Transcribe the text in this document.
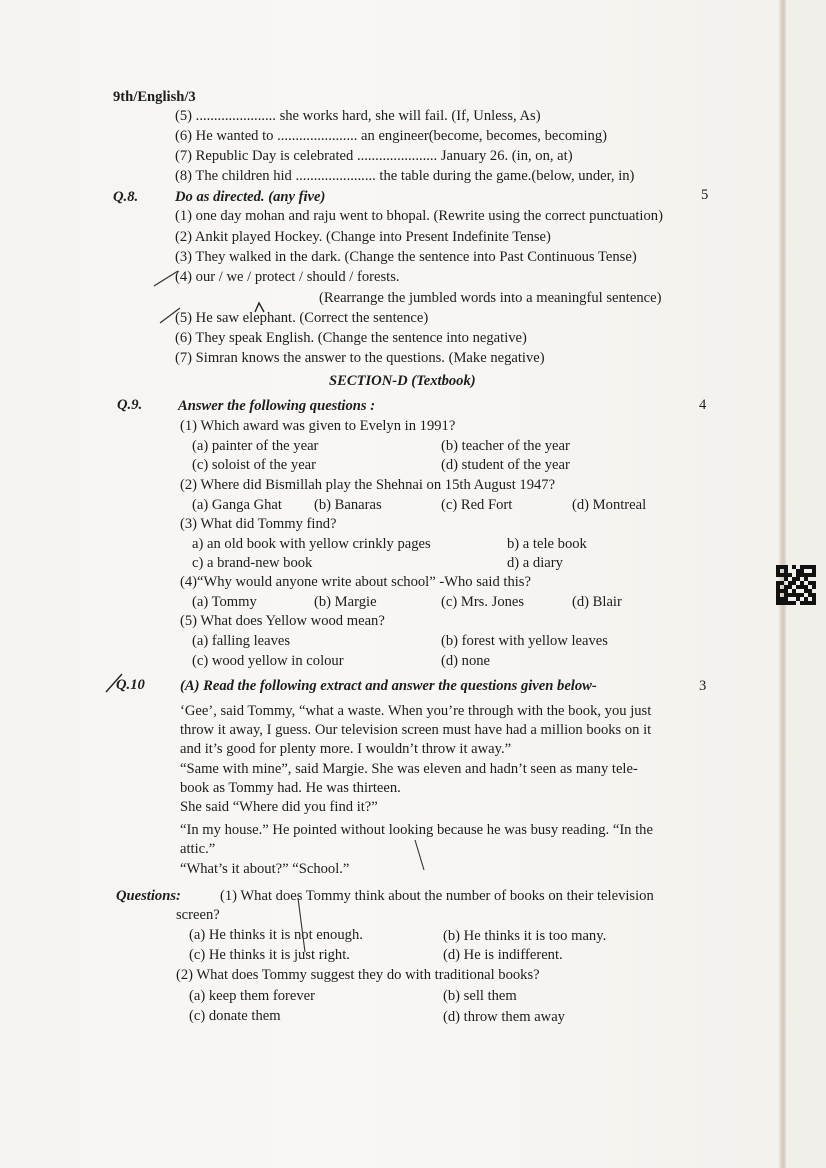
9th/English/3
(5) ...................... she works hard, she will fail. (If, Unless, As)
(6) He wanted to ...................... an engineer(become, becomes, becoming)
(7) Republic Day is celebrated ...................... January 26. (in, on, at)
(8) The children hid ...................... the table during the game.(below, under, in)
Q.8.	Do as directed. (any five)	5
(1) one day mohan and raju went to bhopal. (Rewrite using the correct punctuation)
(2) Ankit played Hockey. (Change into Present Indefinite Tense)
(3) They walked in the dark. (Change the sentence into Past Continuous Tense)
(4) our / we / protect / should / forests.
(Rearrange the jumbled words into a meaningful sentence)
(5) He saw elephant. (Correct the sentence)
(6) They speak English. (Change the sentence into negative)
(7) Simran knows the answer to the questions. (Make negative)
SECTION-D (Textbook)
Q.9. Answer the following questions :	4
(1) Which award was given to Evelyn in 1991?
(a) painter of the year	(b) teacher of the year
(c) soloist of the year	(d) student of the year
(2) Where did Bismillah play the Shehnai on 15th August 1947?
(a) Ganga Ghat (b) Banaras	(c) Red Fort	(d) Montreal
(3) What did Tommy find?
a) an old book with yellow crinkly pages	b) a tele book
c) a brand-new book	d) a diary
(4)“Why would anyone write about school” -Who said this?
(a) Tommy	(b) Margie	(c) Mrs. Jones	(d) Blair
(5) What does Yellow wood mean?
(a) falling leaves	(b) forest with yellow leaves
(c) wood yellow in colour	(d) none
Q.10 (A) Read the following extract and answer the questions given below-	3
‘Gee’, said Tommy, “what a waste. When you’re through with the book, you just
throw it away, I guess. Our television screen must have had a million books on it
and it’s good for plenty more. I wouldn’t throw it away.”
“Same with mine”, said Margie. She was eleven and hadn’t seen as many tele-
book as Tommy had. He was thirteen.
She said “Where did you find it?”
“In my house.” He pointed without looking because he was busy reading. “In the
attic.”
“What’s it about?” “School.”
Questions:	(1) What does Tommy think about the number of books on their television
screen?
(a) He thinks it is not enough.	(b) He thinks it is too many.
(c) He thinks it is just right.	(d) He is indifferent.
(2) What does Tommy suggest they do with traditional books?
(a) keep them forever	(b) sell them
(c) donate them	(d) throw them away
